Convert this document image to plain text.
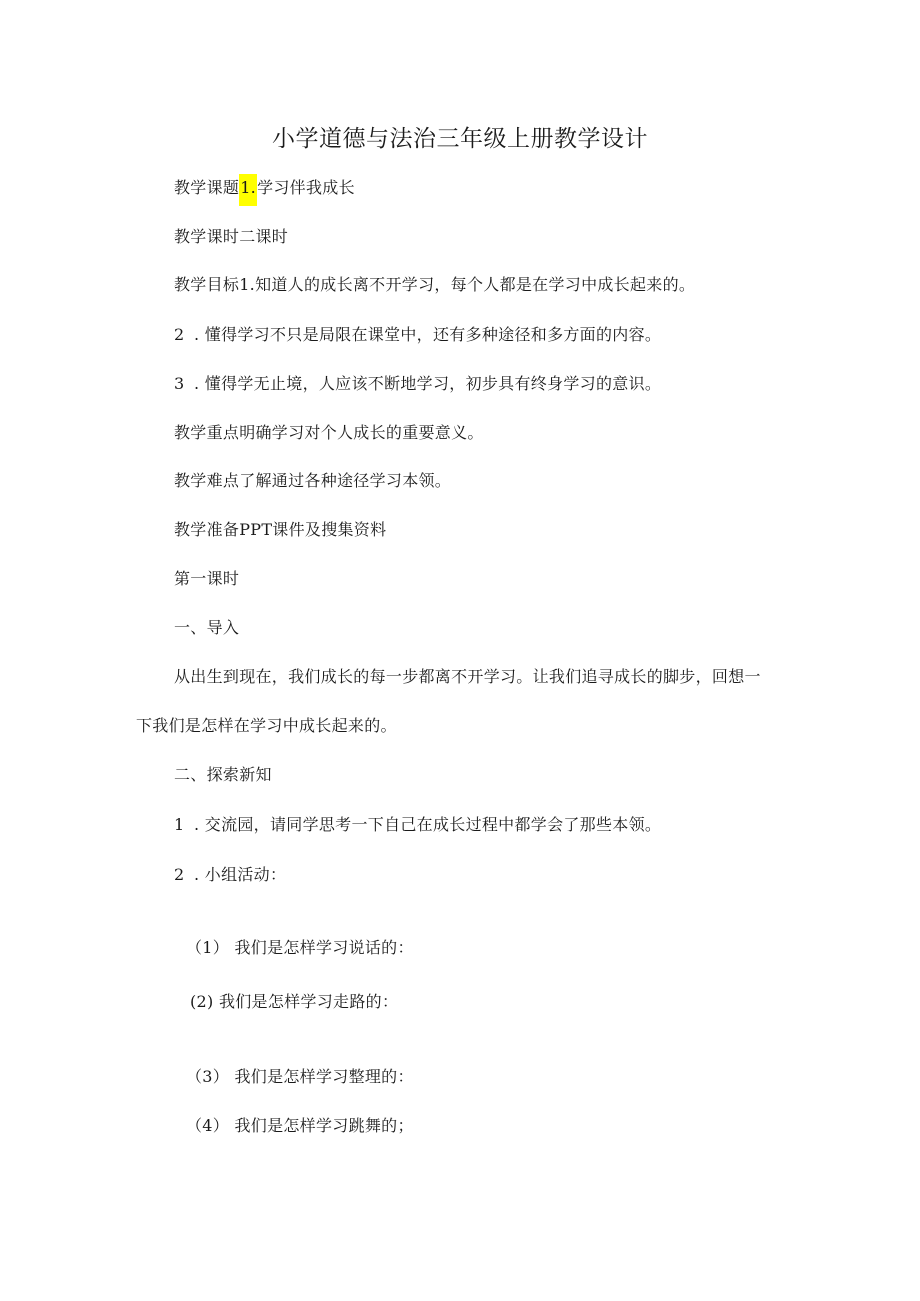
小学道德与法治三年级上册教学设计
教学课题1.学习伴我成长
教学课时二课时
教学目标1.知道人的成长离不开学习，每个人都是在学习中成长起来的。
2 . 懂得学习不只是局限在课堂中，还有多种途径和多方面的内容。
3 . 懂得学无止境，人应该不断地学习，初步具有终身学习的意识。
教学重点明确学习对个人成长的重要意义。
教学难点了解通过各种途径学习本领。
教学准备PPT课件及搜集资料
第一课时
一、导入
从出生到现在，我们成长的每一步都离不开学习。让我们追寻成长的脚步，回想一
下我们是怎样在学习中成长起来的。
二、探索新知
1 . 交流园，请同学思考一下自己在成长过程中都学会了那些本领。
2 . 小组活动：
（1） 我们是怎样学习说话的：
(2) 我们是怎样学习走路的：
（3） 我们是怎样学习整理的：
（4） 我们是怎样学习跳舞的；
